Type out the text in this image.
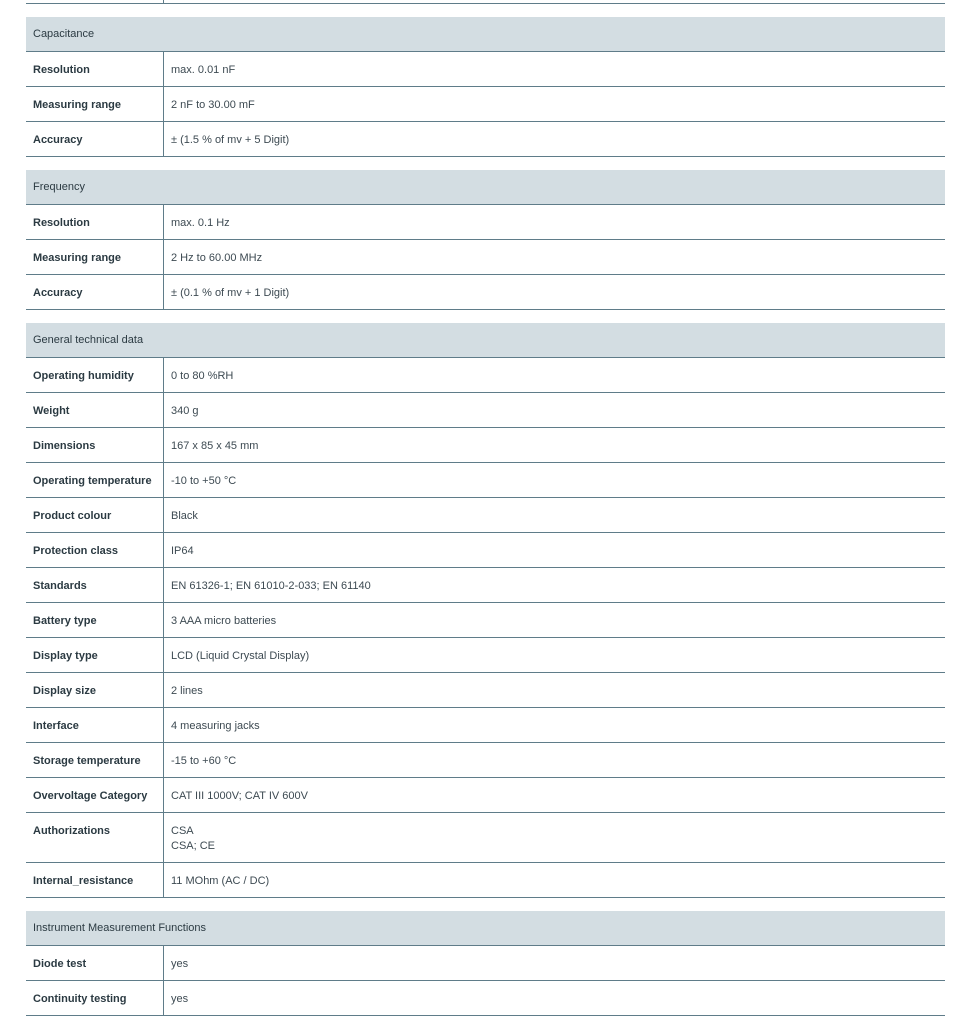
Capacitance
Resolution	max. 0.01 nF
Measuring range	2 nF to 30.00 mF
Accuracy	± (1.5 % of mv + 5 Digit)
Frequency
Resolution	max. 0.1 Hz
Measuring range	2 Hz to 60.00 MHz
Accuracy	± (0.1 % of mv + 1 Digit)
General technical data
Operating humidity	0 to 80 %RH
Weight	340 g
Dimensions	167 x 85 x 45 mm
Operating temperature	-10 to +50 °C
Product colour	Black
Protection class	IP64
Standards	EN 61326-1; EN 61010-2-033; EN 61140
Battery type	3 AAA micro batteries
Display type	LCD (Liquid Crystal Display)
Display size	2 lines
Interface	4 measuring jacks
Storage temperature	-15 to +60 °C
Overvoltage Category	CAT III 1000V; CAT IV 600V
Authorizations	CSA
CSA; CE
Internal_resistance	11 MOhm (AC / DC)
Instrument Measurement Functions
Diode test	yes
Continuity testing	yes
